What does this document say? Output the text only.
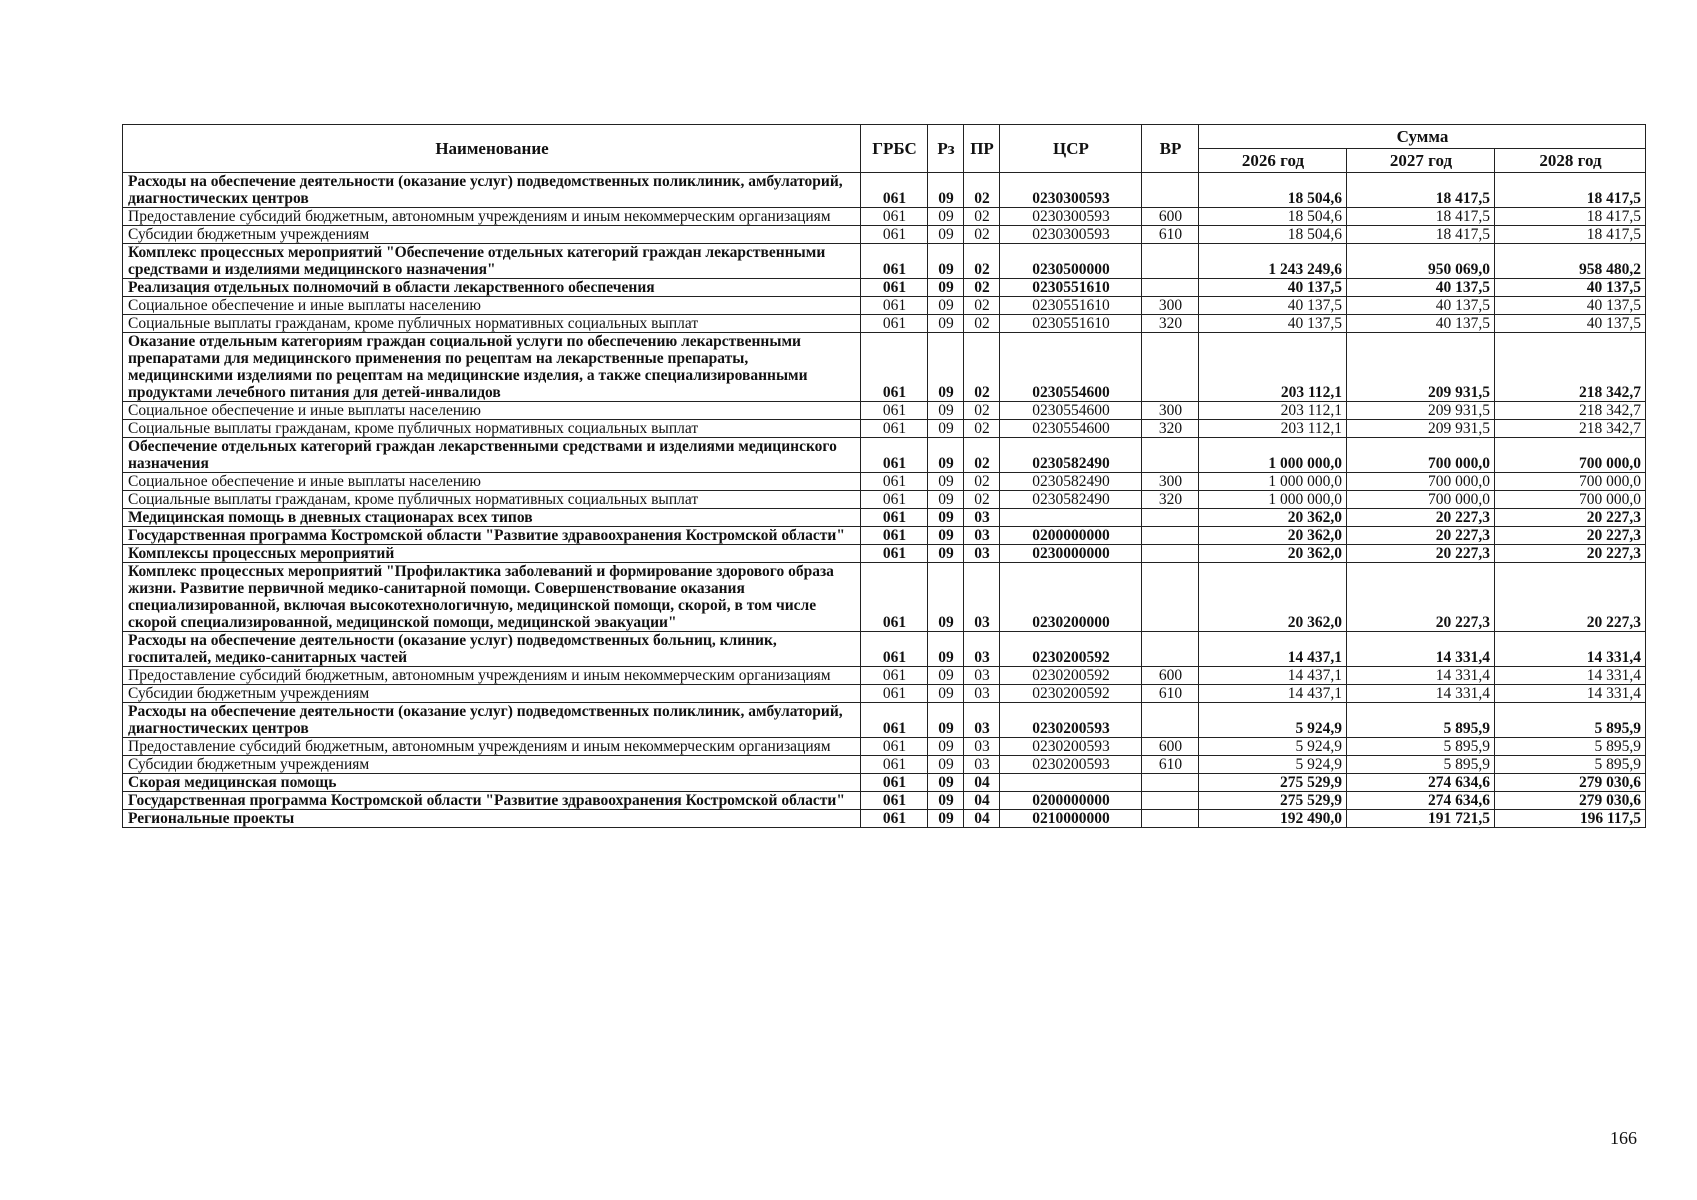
Наименование	ГРБС	Рз	ПР	ЦСР	ВР	Сумма		
						2026 год	2027 год	2028 год
Расходы на обеспечение деятельности (оказание услуг) подведомственных поликлиник, амбулаторий, диагностических центров	061	09	02	0230300593		18 504,6	18 417,5	18 417,5
Предоставление субсидий бюджетным, автономным учреждениям и иным некоммерческим организациям	061	09	02	0230300593	600	18 504,6	18 417,5	18 417,5
Субсидии бюджетным учреждениям	061	09	02	0230300593	610	18 504,6	18 417,5	18 417,5
Комплекс процессных мероприятий "Обеспечение отдельных категорий граждан лекарственными средствами и изделиями медицинского назначения"	061	09	02	0230500000		1 243 249,6	950 069,0	958 480,2
Реализация отдельных полномочий в области лекарственного обеспечения	061	09	02	0230551610		40 137,5	40 137,5	40 137,5
Социальное обеспечение и иные выплаты населению	061	09	02	0230551610	300	40 137,5	40 137,5	40 137,5
Социальные выплаты гражданам, кроме публичных нормативных социальных выплат	061	09	02	0230551610	320	40 137,5	40 137,5	40 137,5
Оказание отдельным категориям граждан социальной услуги по обеспечению лекарственными препаратами для медицинского применения по рецептам на лекарственные препараты, медицинскими изделиями по рецептам на медицинские изделия, а также специализированными продуктами лечебного питания для детей-инвалидов	061	09	02	0230554600		203 112,1	209 931,5	218 342,7
Социальное обеспечение и иные выплаты населению	061	09	02	0230554600	300	203 112,1	209 931,5	218 342,7
Социальные выплаты гражданам, кроме публичных нормативных социальных выплат	061	09	02	0230554600	320	203 112,1	209 931,5	218 342,7
Обеспечение отдельных категорий граждан лекарственными средствами и изделиями медицинского назначения	061	09	02	0230582490		1 000 000,0	700 000,0	700 000,0
Социальное обеспечение и иные выплаты населению	061	09	02	0230582490	300	1 000 000,0	700 000,0	700 000,0
Социальные выплаты гражданам, кроме публичных нормативных социальных выплат	061	09	02	0230582490	320	1 000 000,0	700 000,0	700 000,0
Медицинская помощь в дневных стационарах всех типов	061	09	03			20 362,0	20 227,3	20 227,3
Государственная программа Костромской области "Развитие здравоохранения Костромской области"	061	09	03	0200000000		20 362,0	20 227,3	20 227,3
Комплексы процессных мероприятий	061	09	03	0230000000		20 362,0	20 227,3	20 227,3
Комплекс процессных мероприятий "Профилактика заболеваний и формирование здорового образа жизни. Развитие первичной медико-санитарной помощи. Совершенствование оказания специализированной, включая высокотехнологичную, медицинской помощи, скорой, в том числе скорой специализированной, медицинской помощи, медицинской эвакуации"	061	09	03	0230200000		20 362,0	20 227,3	20 227,3
Расходы на обеспечение деятельности (оказание услуг) подведомственных больниц, клиник, госпиталей, медико-санитарных частей	061	09	03	0230200592		14 437,1	14 331,4	14 331,4
Предоставление субсидий бюджетным, автономным учреждениям и иным некоммерческим организациям	061	09	03	0230200592	600	14 437,1	14 331,4	14 331,4
Субсидии бюджетным учреждениям	061	09	03	0230200592	610	14 437,1	14 331,4	14 331,4
Расходы на обеспечение деятельности (оказание услуг) подведомственных поликлиник, амбулаторий, диагностических центров	061	09	03	0230200593		5 924,9	5 895,9	5 895,9
Предоставление субсидий бюджетным, автономным учреждениям и иным некоммерческим организациям	061	09	03	0230200593	600	5 924,9	5 895,9	5 895,9
Субсидии бюджетным учреждениям	061	09	03	0230200593	610	5 924,9	5 895,9	5 895,9
Скорая медицинская помощь	061	09	04			275 529,9	274 634,6	279 030,6
Государственная программа Костромской области "Развитие здравоохранения Костромской области"	061	09	04	0200000000		275 529,9	274 634,6	279 030,6
Региональные проекты	061	09	04	0210000000		192 490,0	191 721,5	196 117,5
166
